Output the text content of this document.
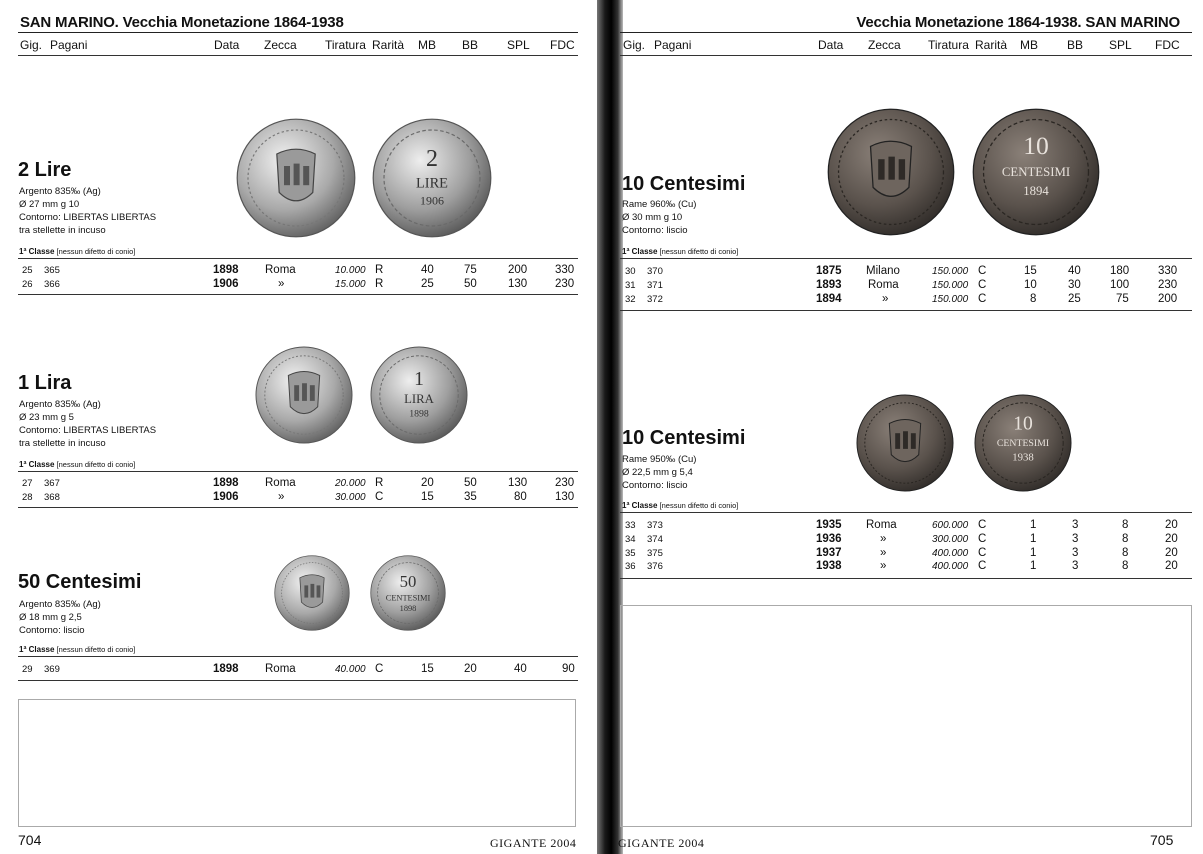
SAN MARINO. Vecchia Monetazione 1864-1938
Gig. Pagani	Data Zecca Tiratura Rarità MB BB SPL FDC
2 Lire
Argento 835‰ (Ag)
Ø 27 mm g 10
Contorno: LIBERTAS LIBERTAS
tra stellette in incuso
2
LIRE
1906
1ª Classe [nessun difetto di conio]
25 365	1898 Roma	10.000 R	40	75	200 330
26 366	1906	»	15.000 R	25	50	130 230
1 Lira
Argento 835‰ (Ag)
Ø 23 mm g 5
Contorno: LIBERTAS LIBERTAS
tra stellette in incuso
1
LIRA
1898
1ª Classe [nessun difetto di conio]
27 367	1898 Roma	20.000 R	20	50	130 230
28 368	1906	»	30.000 C	15	35	80 130
50 Centesimi
Argento 835‰ (Ag)
Ø 18 mm g 2,5
Contorno: liscio
50
CENTESIMI
1898
1ª Classe [nessun difetto di conio]
29 369	1898 Roma	40.000 C	15	20	40	90
704	GIGANTE 2004
Vecchia Monetazione 1864-1938. SAN MARINO
Gig. Pagani	Data Zecca Tiratura Rarità MB BB SPL FDC
10 Centesimi
Rame 960‰ (Cu)
Ø 30 mm g 10
Contorno: liscio
10
CENTESIMI
1894
1ª Classe [nessun difetto di conio]
30 370	1875 Milano	150.000 C	15	40	180	330
31 371	1893 Roma	150.000 C	10	30	100	230
32 372	1894	»	150.000 C	8	25	75	200
10 Centesimi
Rame 950‰ (Cu)
Ø 22,5 mm g 5,4
Contorno: liscio
10
CENTESIMI
1938
1ª Classe [nessun difetto di conio]
33 373	1935 Roma	600.000 C	1	3	8	20
34 374	1936	»	300.000 C	1	3	8	20
35 375	1937	»	400.000 C	1	3	8	20
36 376	1938	»	400.000 C	1	3	8	20
GIGANTE 2004	705
